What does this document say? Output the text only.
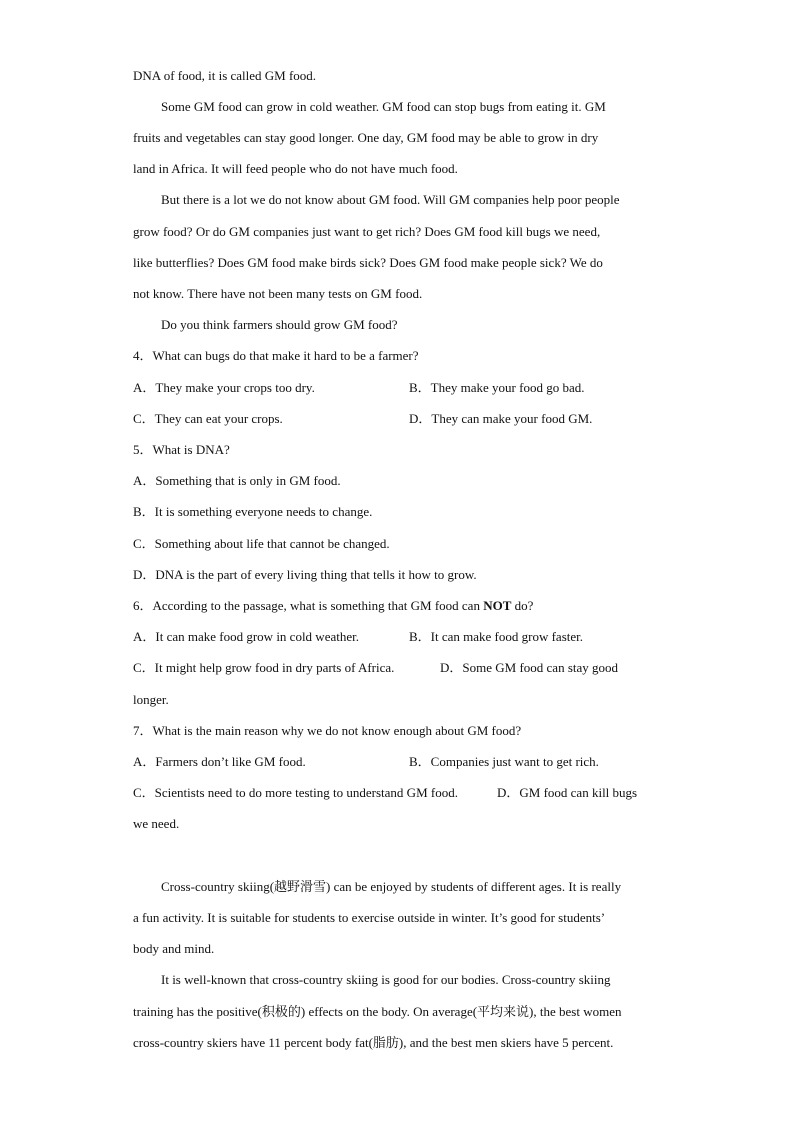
DNA of food, it is called GM food.
Some GM food can grow in cold weather. GM food can stop bugs from eating it. GM
fruits and vegetables can stay good longer. One day, GM food may be able to grow in dry
land in Africa. It will feed people who do not have much food.
But there is a lot we do not know about GM food. Will GM companies help poor people
grow food? Or do GM companies just want to get rich? Does GM food kill bugs we need,
like butterflies? Does GM food make birds sick? Does GM food make people sick? We do
not know. There have not been many tests on GM food.
Do you think farmers should grow GM food?
4．What can bugs do that make it hard to be a farmer?
A．They make your crops too dry.	B．They make your food go bad.
C．They can eat your crops.	D．They can make your food GM.
5．What is DNA?
A．Something that is only in GM food.
B．It is something everyone needs to change.
C．Something about life that cannot be changed.
D．DNA is the part of every living thing that tells it how to grow.
6．According to the passage, what is something that GM food can NOT do?
A．It can make food grow in cold weather.	B．It can make food grow faster.
C．It might help grow food in dry parts of Africa.	D．Some GM food can stay good
longer.
7．What is the main reason why we do not know enough about GM food?
A．Farmers don’t like GM food.	B．Companies just want to get rich.
C．Scientists need to do more testing to understand GM food.	D．GM food can kill bugs
we need.
Cross-country skiing(越野滑雪) can be enjoyed by students of different ages. It is really
a fun activity. It is suitable for students to exercise outside in winter. It’s good for students’
body and mind.
It is well-known that cross-country skiing is good for our bodies. Cross-country skiing
training has the positive(积极的) effects on the body. On average(平均来说), the best women
cross-country skiers have 11 percent body fat(脂肪), and the best men skiers have 5 percent.
